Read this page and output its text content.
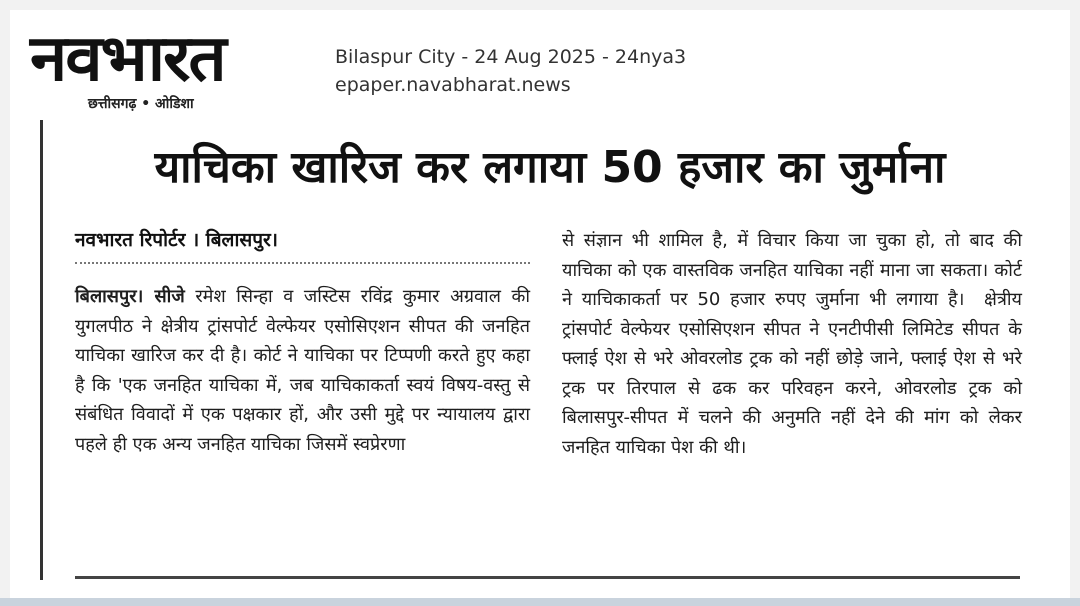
नवभारत
छत्तीसगढ़ • ओडिशा
Bilaspur City - 24 Aug 2025 - 24nya3
epaper.navabharat.news
याचिका खारिज कर लगाया 50 हजार का जुर्माना
नवभारत रिपोर्टर । बिलासपुर।

बिलासपुर। सीजे रमेश सिन्हा व जस्टिस रविंद्र कुमार अग्रवाल की युगलपीठ ने क्षेत्रीय ट्रांसपोर्ट वेल्फेयर एसोसिएशन सीपत की जनहित याचिका खारिज कर दी है। कोर्ट ने याचिका पर टिप्पणी करते हुए कहा है कि 'एक जनहित याचिका में, जब याचिकाकर्ता स्वयं विषय-वस्तु से संबंधित विवादों में एक पक्षकार हों, और उसी मुद्दे पर न्यायालय द्वारा पहले ही एक अन्य जनहित याचिका जिसमें स्वप्रेरणा

से संज्ञान भी शामिल है, में विचार किया जा चुका हो, तो बाद की याचिका को एक वास्तविक जनहित याचिका नहीं माना जा सकता। कोर्ट ने याचिकाकर्ता पर 50 हजार रुपए जुर्माना भी लगाया है। क्षेत्रीय ट्रांसपोर्ट वेल्फेयर एसोसिएशन सीपत ने एनटीपीसी लिमिटेड सीपत के फ्लाई ऐश से भरे ओवरलोड ट्रक को नहीं छोड़े जाने, फ्लाई ऐश से भरे ट्रक पर तिरपाल से ढक कर परिवहन करने, ओवरलोड ट्रक को बिलासपुर-सीपत में चलने की अनुमति नहीं देने की मांग को लेकर जनहित याचिका पेश की थी।
